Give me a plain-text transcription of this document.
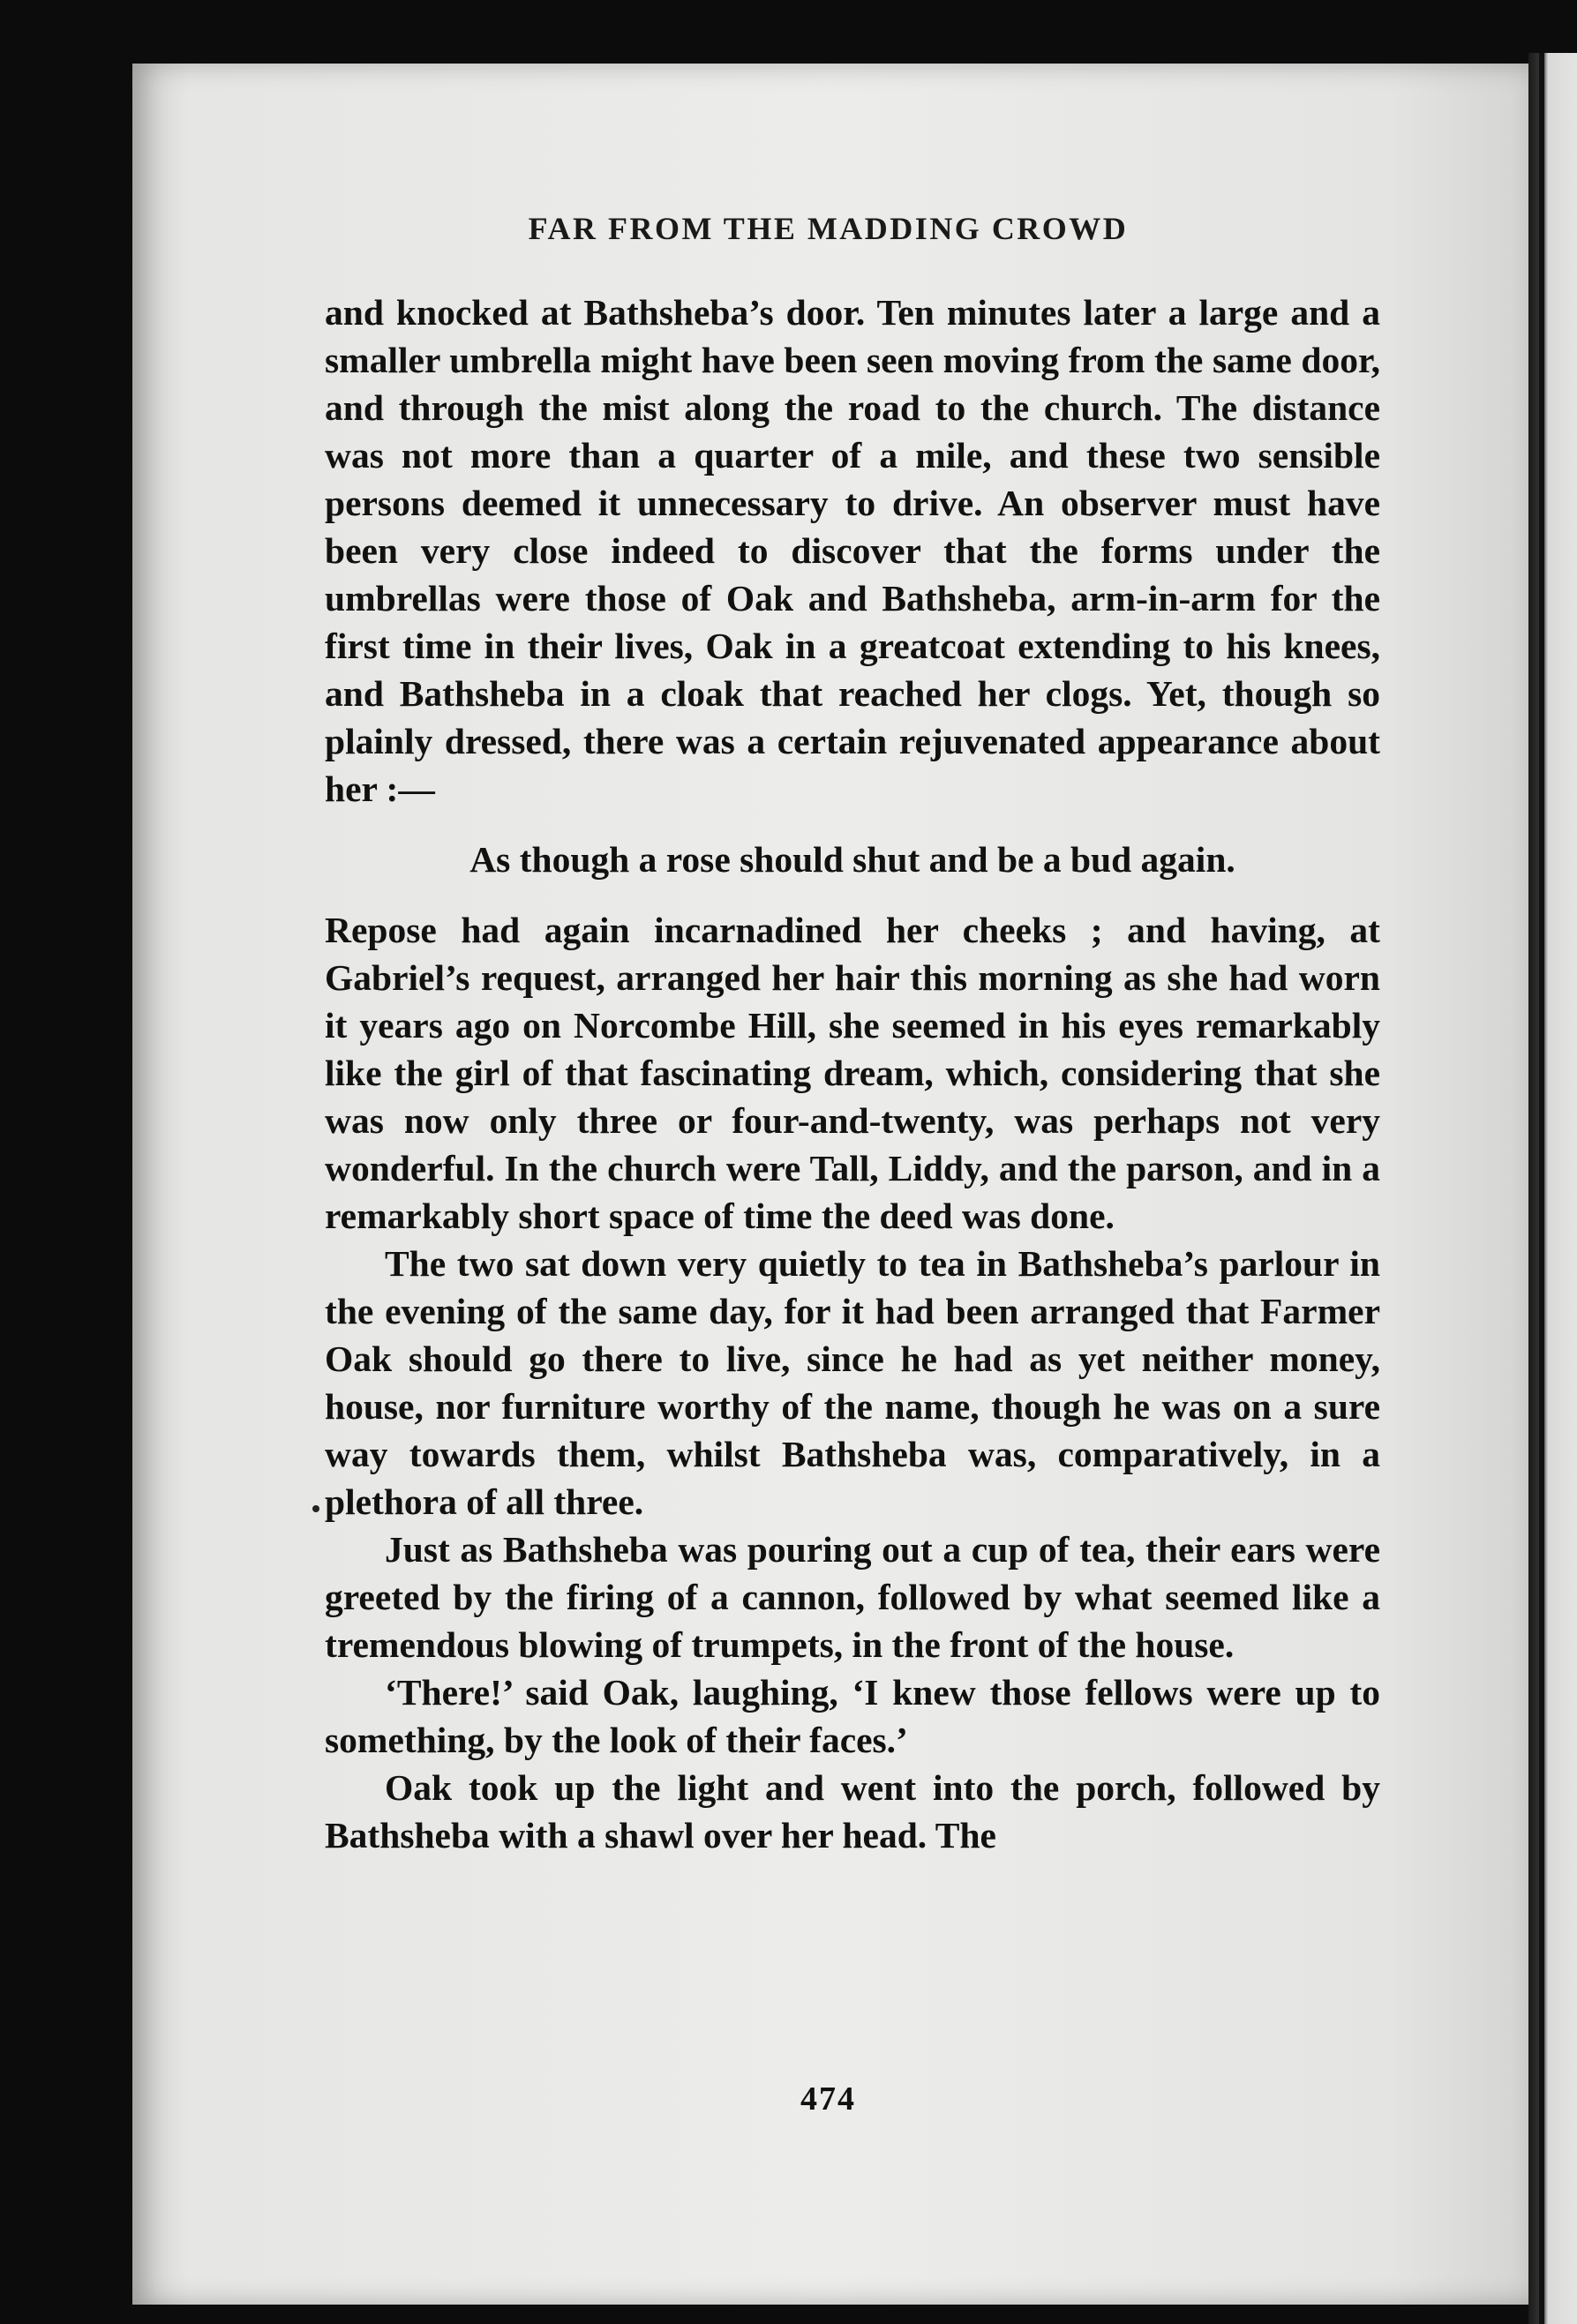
FAR FROM THE MADDING CROWD

and knocked at Bathsheba’s door. Ten minutes later a large and a smaller umbrella might have been seen moving from the same door, and through the mist along the road to the church. The distance was not more than a quarter of a mile, and these two sensible persons deemed it unnecessary to drive. An observer must have been very close indeed to discover that the forms under the umbrellas were those of Oak and Bathsheba, arm-in-arm for the first time in their lives, Oak in a greatcoat extending to his knees, and Bathsheba in a cloak that reached her clogs. Yet, though so plainly dressed, there was a certain rejuvenated appearance about her :—

As though a rose should shut and be a bud again.

Repose had again incarnadined her cheeks ; and having, at Gabriel’s request, arranged her hair this morning as she had worn it years ago on Norcombe Hill, she seemed in his eyes remarkably like the girl of that fascinating dream, which, considering that she was now only three or four-and-twenty, was perhaps not very wonderful. In the church were Tall, Liddy, and the parson, and in a remarkably short space of time the deed was done.

The two sat down very quietly to tea in Bathsheba’s parlour in the evening of the same day, for it had been arranged that Farmer Oak should go there to live, since he had as yet neither money, house, nor furniture worthy of the name, though he was on a sure way towards them, whilst Bathsheba was, comparatively, in a plethora of all three.

Just as Bathsheba was pouring out a cup of tea, their ears were greeted by the firing of a cannon, followed by what seemed like a tremendous blowing of trumpets, in the front of the house.

‘There!’ said Oak, laughing, ‘I knew those fellows were up to something, by the look of their faces.’

Oak took up the light and went into the porch, followed by Bathsheba with a shawl over her head. The

474
